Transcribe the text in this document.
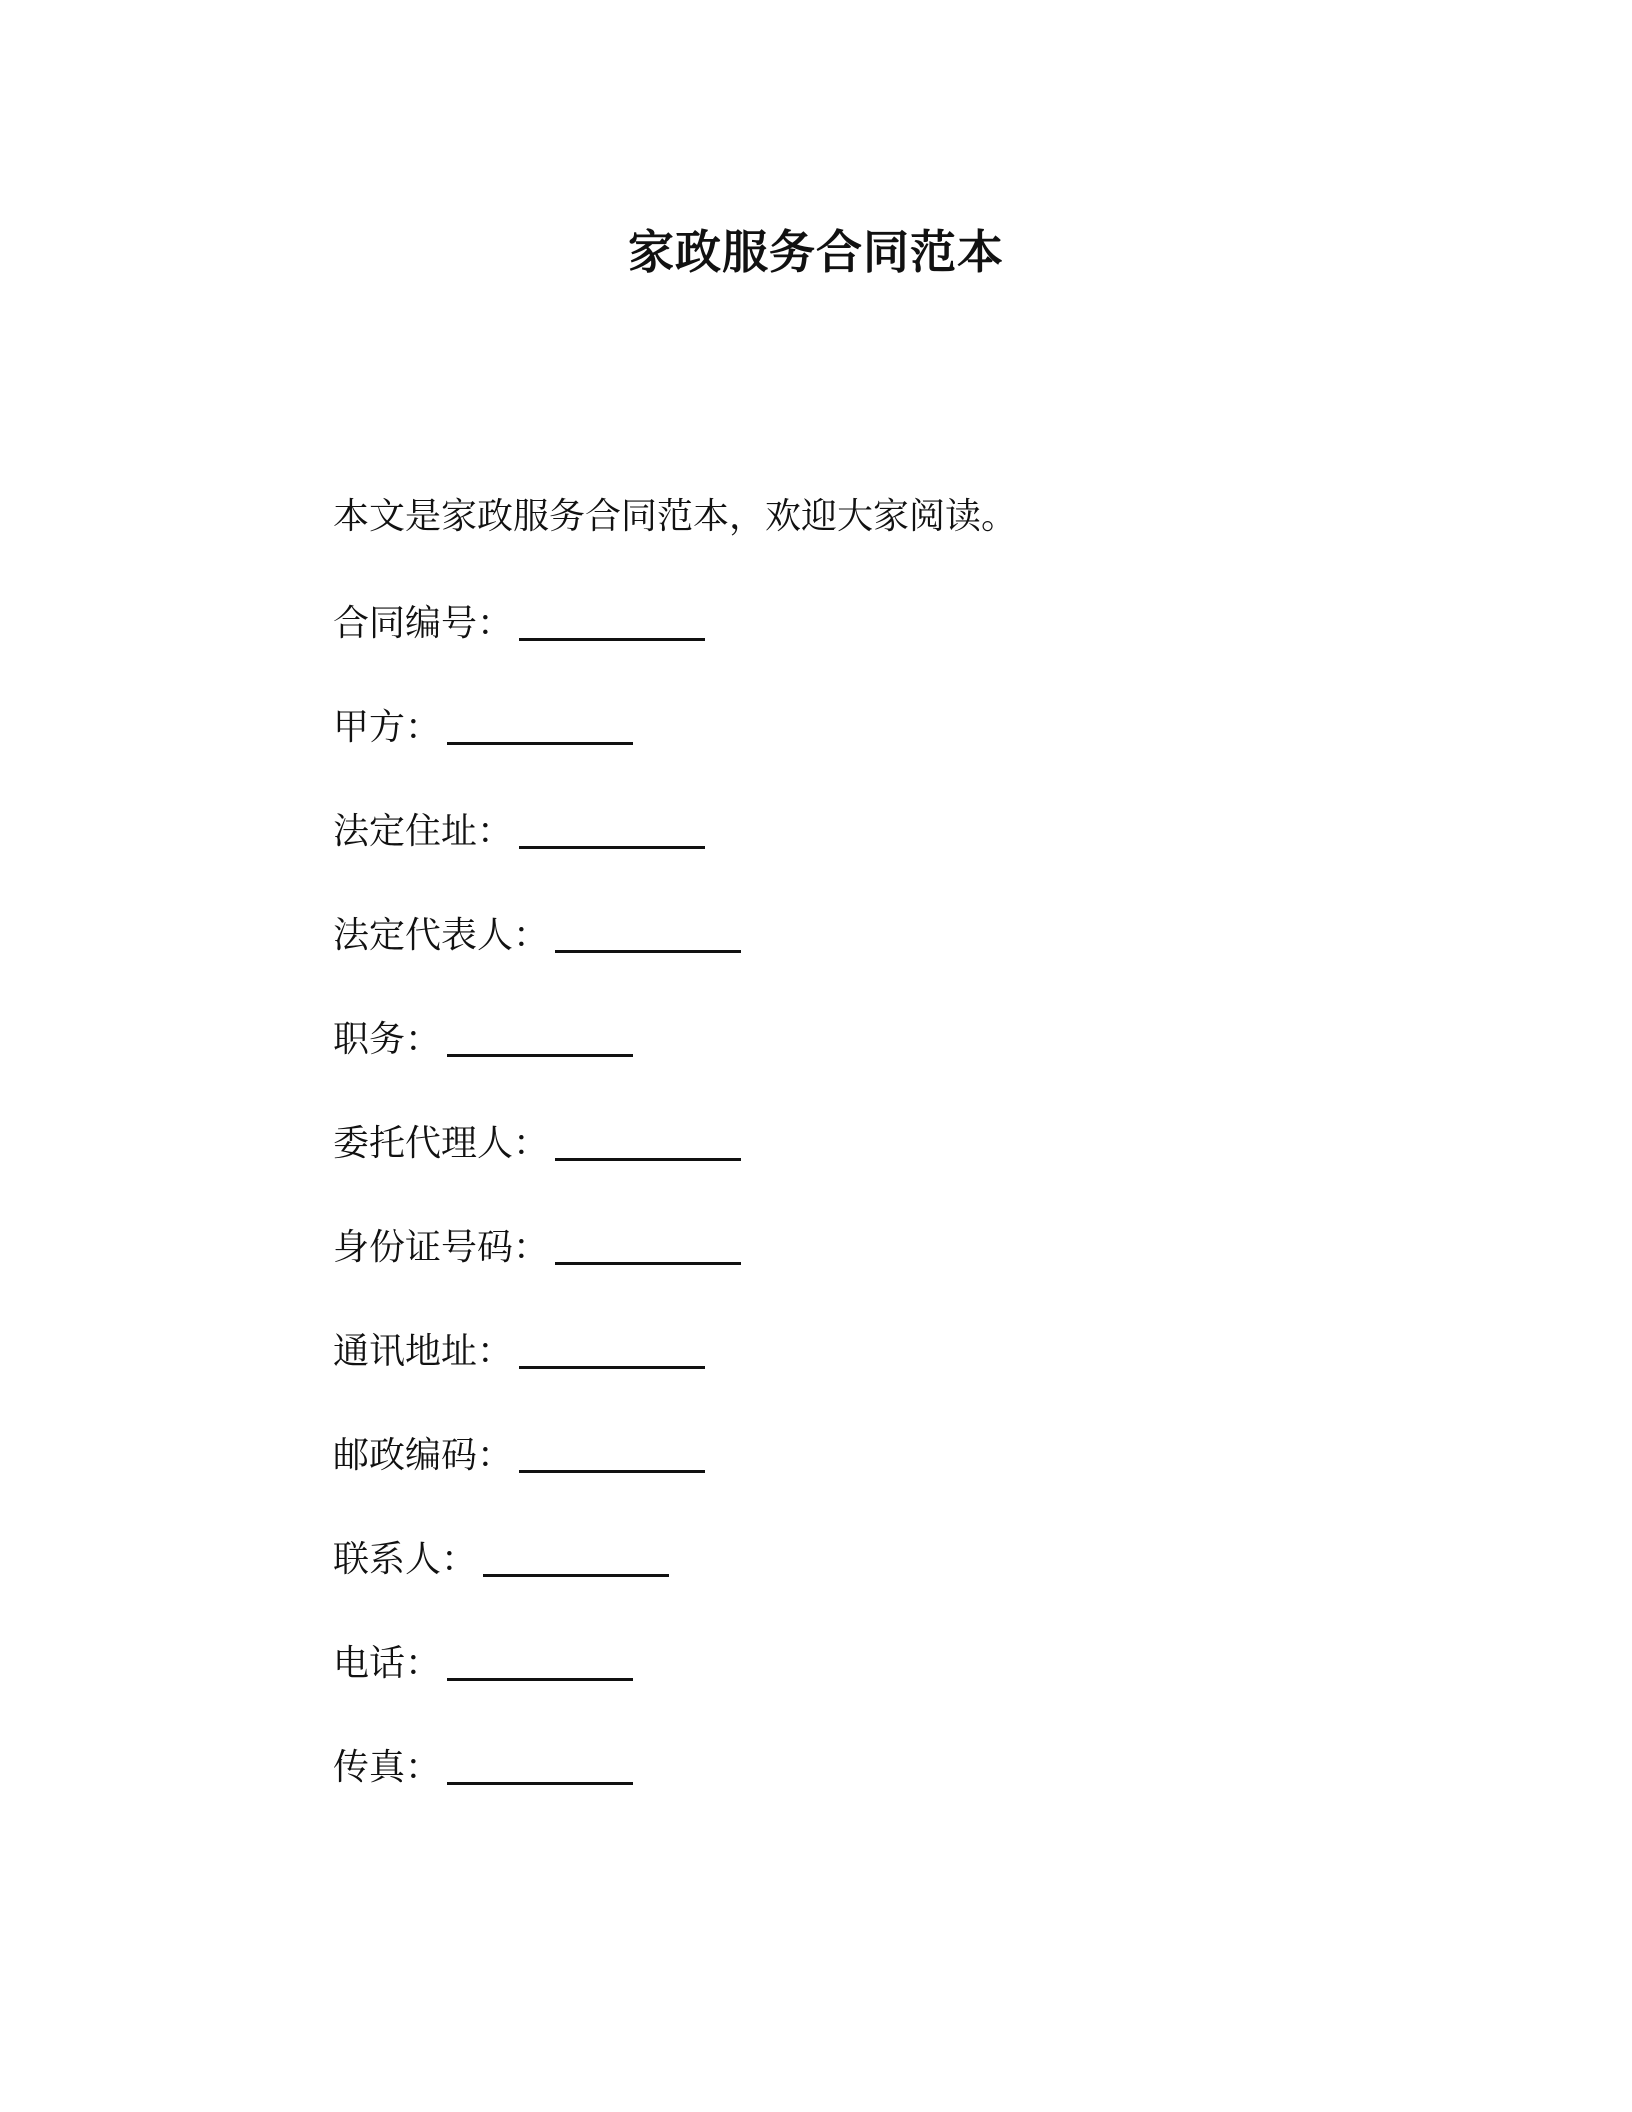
家政服务合同范本
本文是家政服务合同范本，欢迎大家阅读。
合同编号：
甲方：
法定住址：
法定代表人：
职务：
委托代理人：
身份证号码：
通讯地址：
邮政编码：
联系人：
电话：
传真：
